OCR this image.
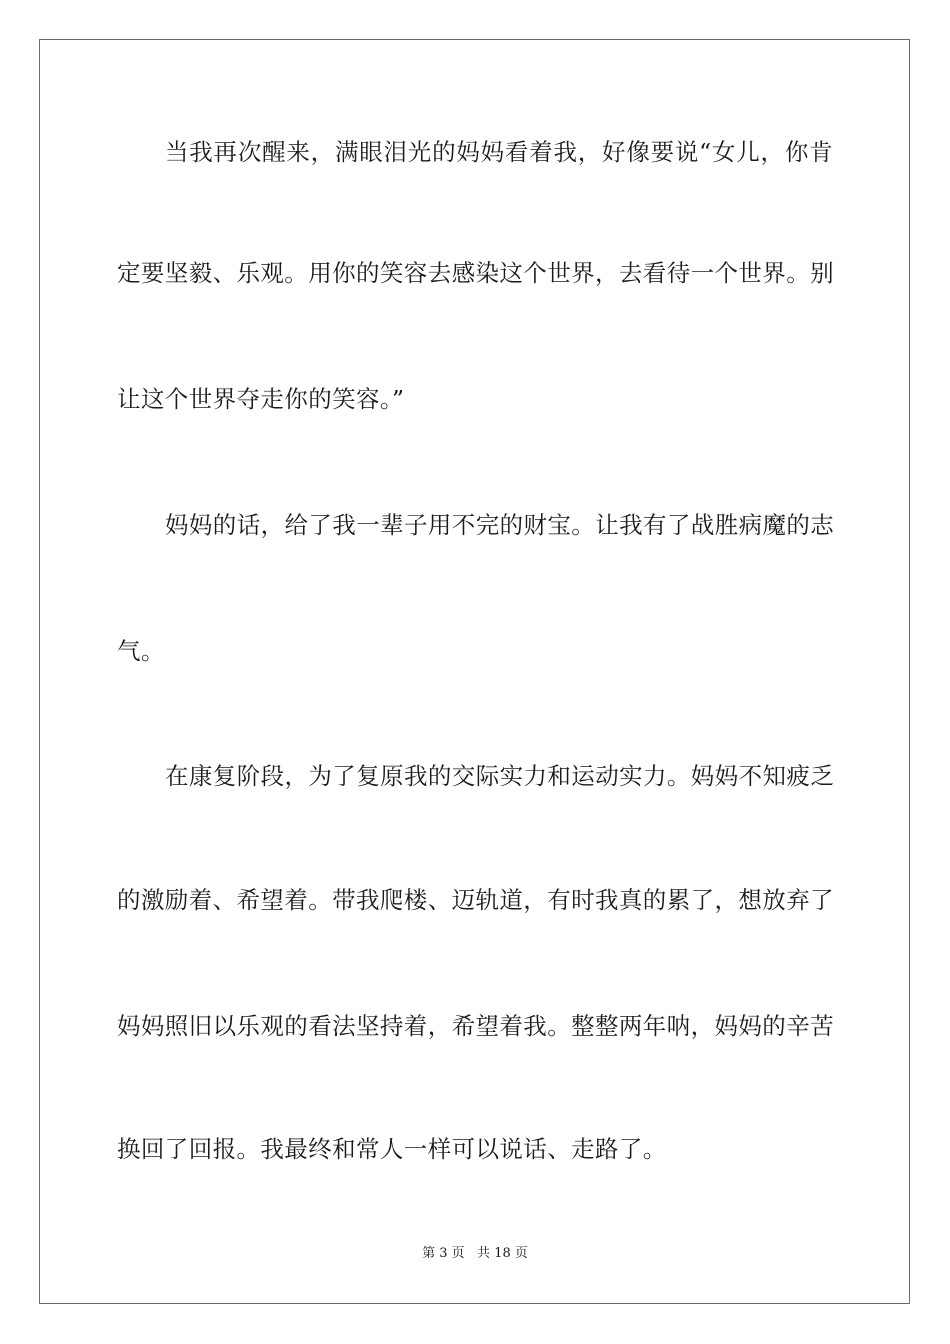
当我再次醒来，满眼泪光的妈妈看着我，好像要说“女儿，你肯
定要坚毅、乐观。用你的笑容去感染这个世界，去看待一个世界。别
让这个世界夺走你的笑容。”
妈妈的话，给了我一辈子用不完的财宝。让我有了战胜病魔的志
气。
在康复阶段，为了复原我的交际实力和运动实力。妈妈不知疲乏
的激励着、希望着。带我爬楼、迈轨道，有时我真的累了，想放弃了
妈妈照旧以乐观的看法坚持着，希望着我。整整两年呐，妈妈的辛苦
换回了回报。我最终和常人一样可以说话、走路了。
第 3 页   共 18 页
